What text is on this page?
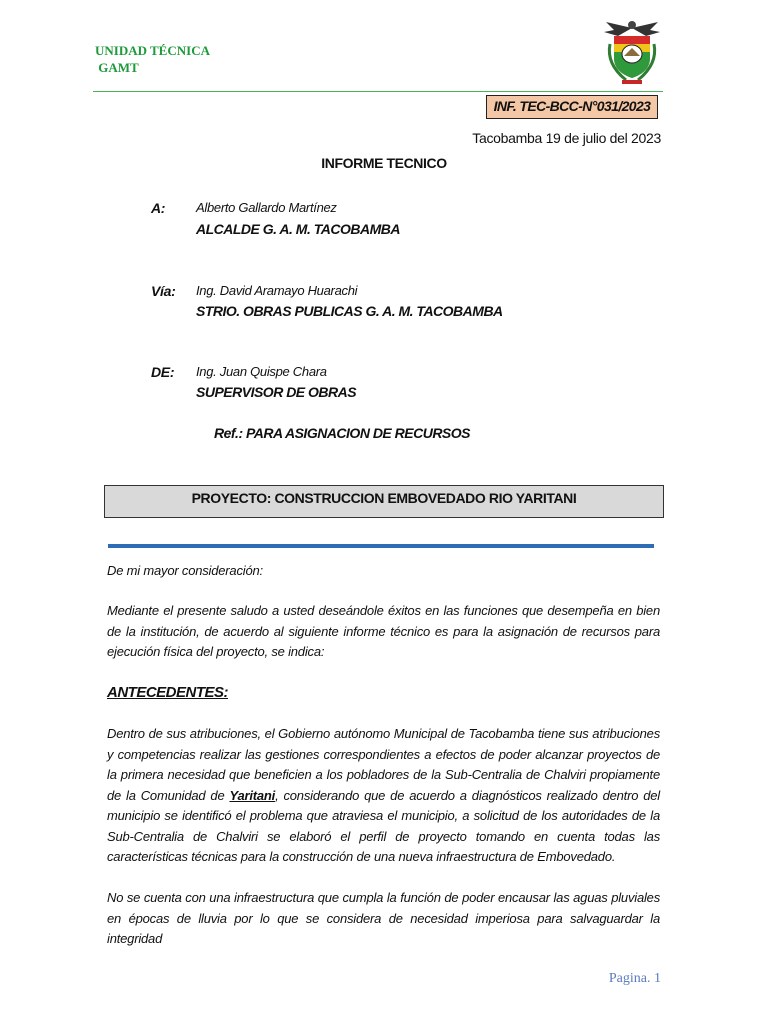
UNIDAD TÉCNICA
GAMT
INF. TEC-BCC-N°031/2023
Tacobamba 19 de julio del 2023
INFORME TECNICO
A: Alberto Gallardo Martínez
ALCALDE G. A. M. TACOBAMBA
Vía: Ing. David Aramayo Huarachi
STRIO. OBRAS PUBLICAS G. A. M. TACOBAMBA
DE: Ing. Juan Quispe Chara
SUPERVISOR DE OBRAS
Ref.: PARA ASIGNACION DE RECURSOS
PROYECTO: CONSTRUCCION EMBOVEDADO RIO YARITANI
De mi mayor consideración:
Mediante el presente saludo a usted deseándole éxitos en las funciones que desempeña en bien de la institución, de acuerdo al siguiente informe técnico es para la asignación de recursos para ejecución física del proyecto, se indica:
ANTECEDENTES:
Dentro de sus atribuciones, el Gobierno autónomo Municipal de Tacobamba tiene sus atribuciones y competencias realizar las gestiones correspondientes a efectos de poder alcanzar proyectos de la primera necesidad que beneficien a los pobladores de la Sub-Centralia de Chalviri propiamente de la Comunidad de Yaritani, considerando que de acuerdo a diagnósticos realizado dentro del municipio se identificó el problema que atraviesa el municipio, a solicitud de los autoridades de la Sub-Centralia de Chalviri se elaboró el perfil de proyecto tomando en cuenta todas las características técnicas para la construcción de una nueva infraestructura de Embovedado.
No se cuenta con una infraestructura que cumpla la función de poder encausar las aguas pluviales en épocas de lluvia por lo que se considera de necesidad imperiosa para salvaguardar la integridad
Pagina. 1
